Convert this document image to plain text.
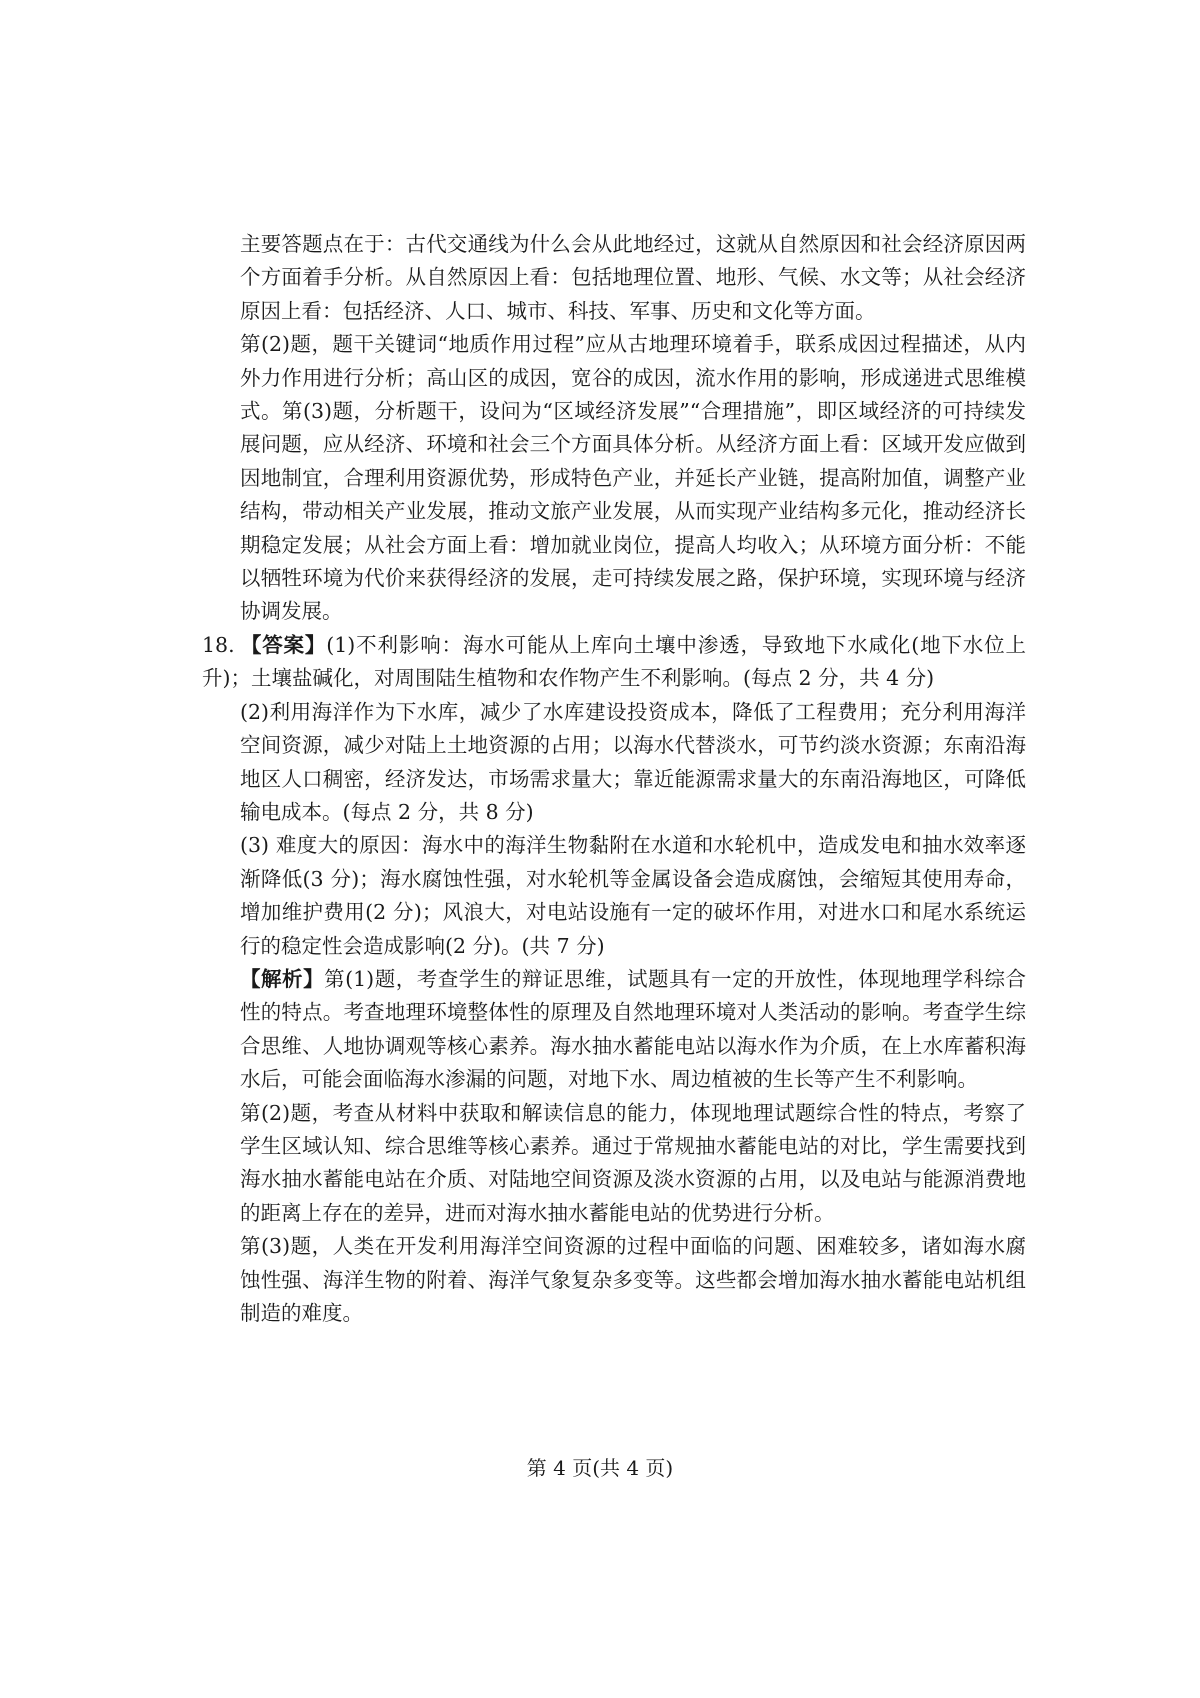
主要答题点在于：古代交通线为什么会从此地经过，这就从自然原因和社会经济原因两个方面着手分析。从自然原因上看：包括地理位置、地形、气候、水文等；从社会经济原因上看：包括经济、人口、城市、科技、军事、历史和文化等方面。

第(2)题，题干关键词“地质作用过程”应从古地理环境着手，联系成因过程描述，从内外力作用进行分析；高山区的成因，宽谷的成因，流水作用的影响，形成递进式思维模式。第(3)题，分析题干，设问为“区域经济发展”“合理措施”，即区域经济的可持续发展问题，应从经济、环境和社会三个方面具体分析。从经济方面上看：区域开发应做到因地制宜，合理利用资源优势，形成特色产业，并延长产业链，提高附加值，调整产业结构，带动相关产业发展，推动文旅产业发展，从而实现产业结构多元化，推动经济长期稳定发展；从社会方面上看：增加就业岗位，提高人均收入；从环境方面分析：不能以牺牲环境为代价来获得经济的发展，走可持续发展之路，保护环境，实现环境与经济协调发展。

18. 【答案】(1)不利影响：海水可能从上库向土壤中渗透，导致地下水咸化(地下水位上升)；土壤盐碱化，对周围陆生植物和农作物产生不利影响。(每点 2 分，共 4 分)

(2)利用海洋作为下水库，减少了水库建设投资成本，降低了工程费用；充分利用海洋空间资源，减少对陆上土地资源的占用；以海水代替淡水，可节约淡水资源；东南沿海地区人口稠密，经济发达，市场需求量大；靠近能源需求量大的东南沿海地区，可降低输电成本。(每点 2 分，共 8 分)

(3) 难度大的原因：海水中的海洋生物黏附在水道和水轮机中，造成发电和抽水效率逐渐降低(3 分)；海水腐蚀性强，对水轮机等金属设备会造成腐蚀，会缩短其使用寿命，增加维护费用(2 分)；风浪大，对电站设施有一定的破坏作用，对进水口和尾水系统运行的稳定性会造成影响(2 分)。(共 7 分)

【解析】第(1)题，考查学生的辩证思维，试题具有一定的开放性，体现地理学科综合性的特点。考查地理环境整体性的原理及自然地理环境对人类活动的影响。考查学生综合思维、人地协调观等核心素养。海水抽水蓄能电站以海水作为介质，在上水库蓄积海水后，可能会面临海水渗漏的问题，对地下水、周边植被的生长等产生不利影响。

第(2)题，考查从材料中获取和解读信息的能力，体现地理试题综合性的特点，考察了学生区域认知、综合思维等核心素养。通过于常规抽水蓄能电站的对比，学生需要找到海水抽水蓄能电站在介质、对陆地空间资源及淡水资源的占用，以及电站与能源消费地的距离上存在的差异，进而对海水抽水蓄能电站的优势进行分析。

第(3)题，人类在开发利用海洋空间资源的过程中面临的问题、困难较多，诸如海水腐蚀性强、海洋生物的附着、海洋气象复杂多变等。这些都会增加海水抽水蓄能电站机组制造的难度。

第 4 页(共 4 页)
